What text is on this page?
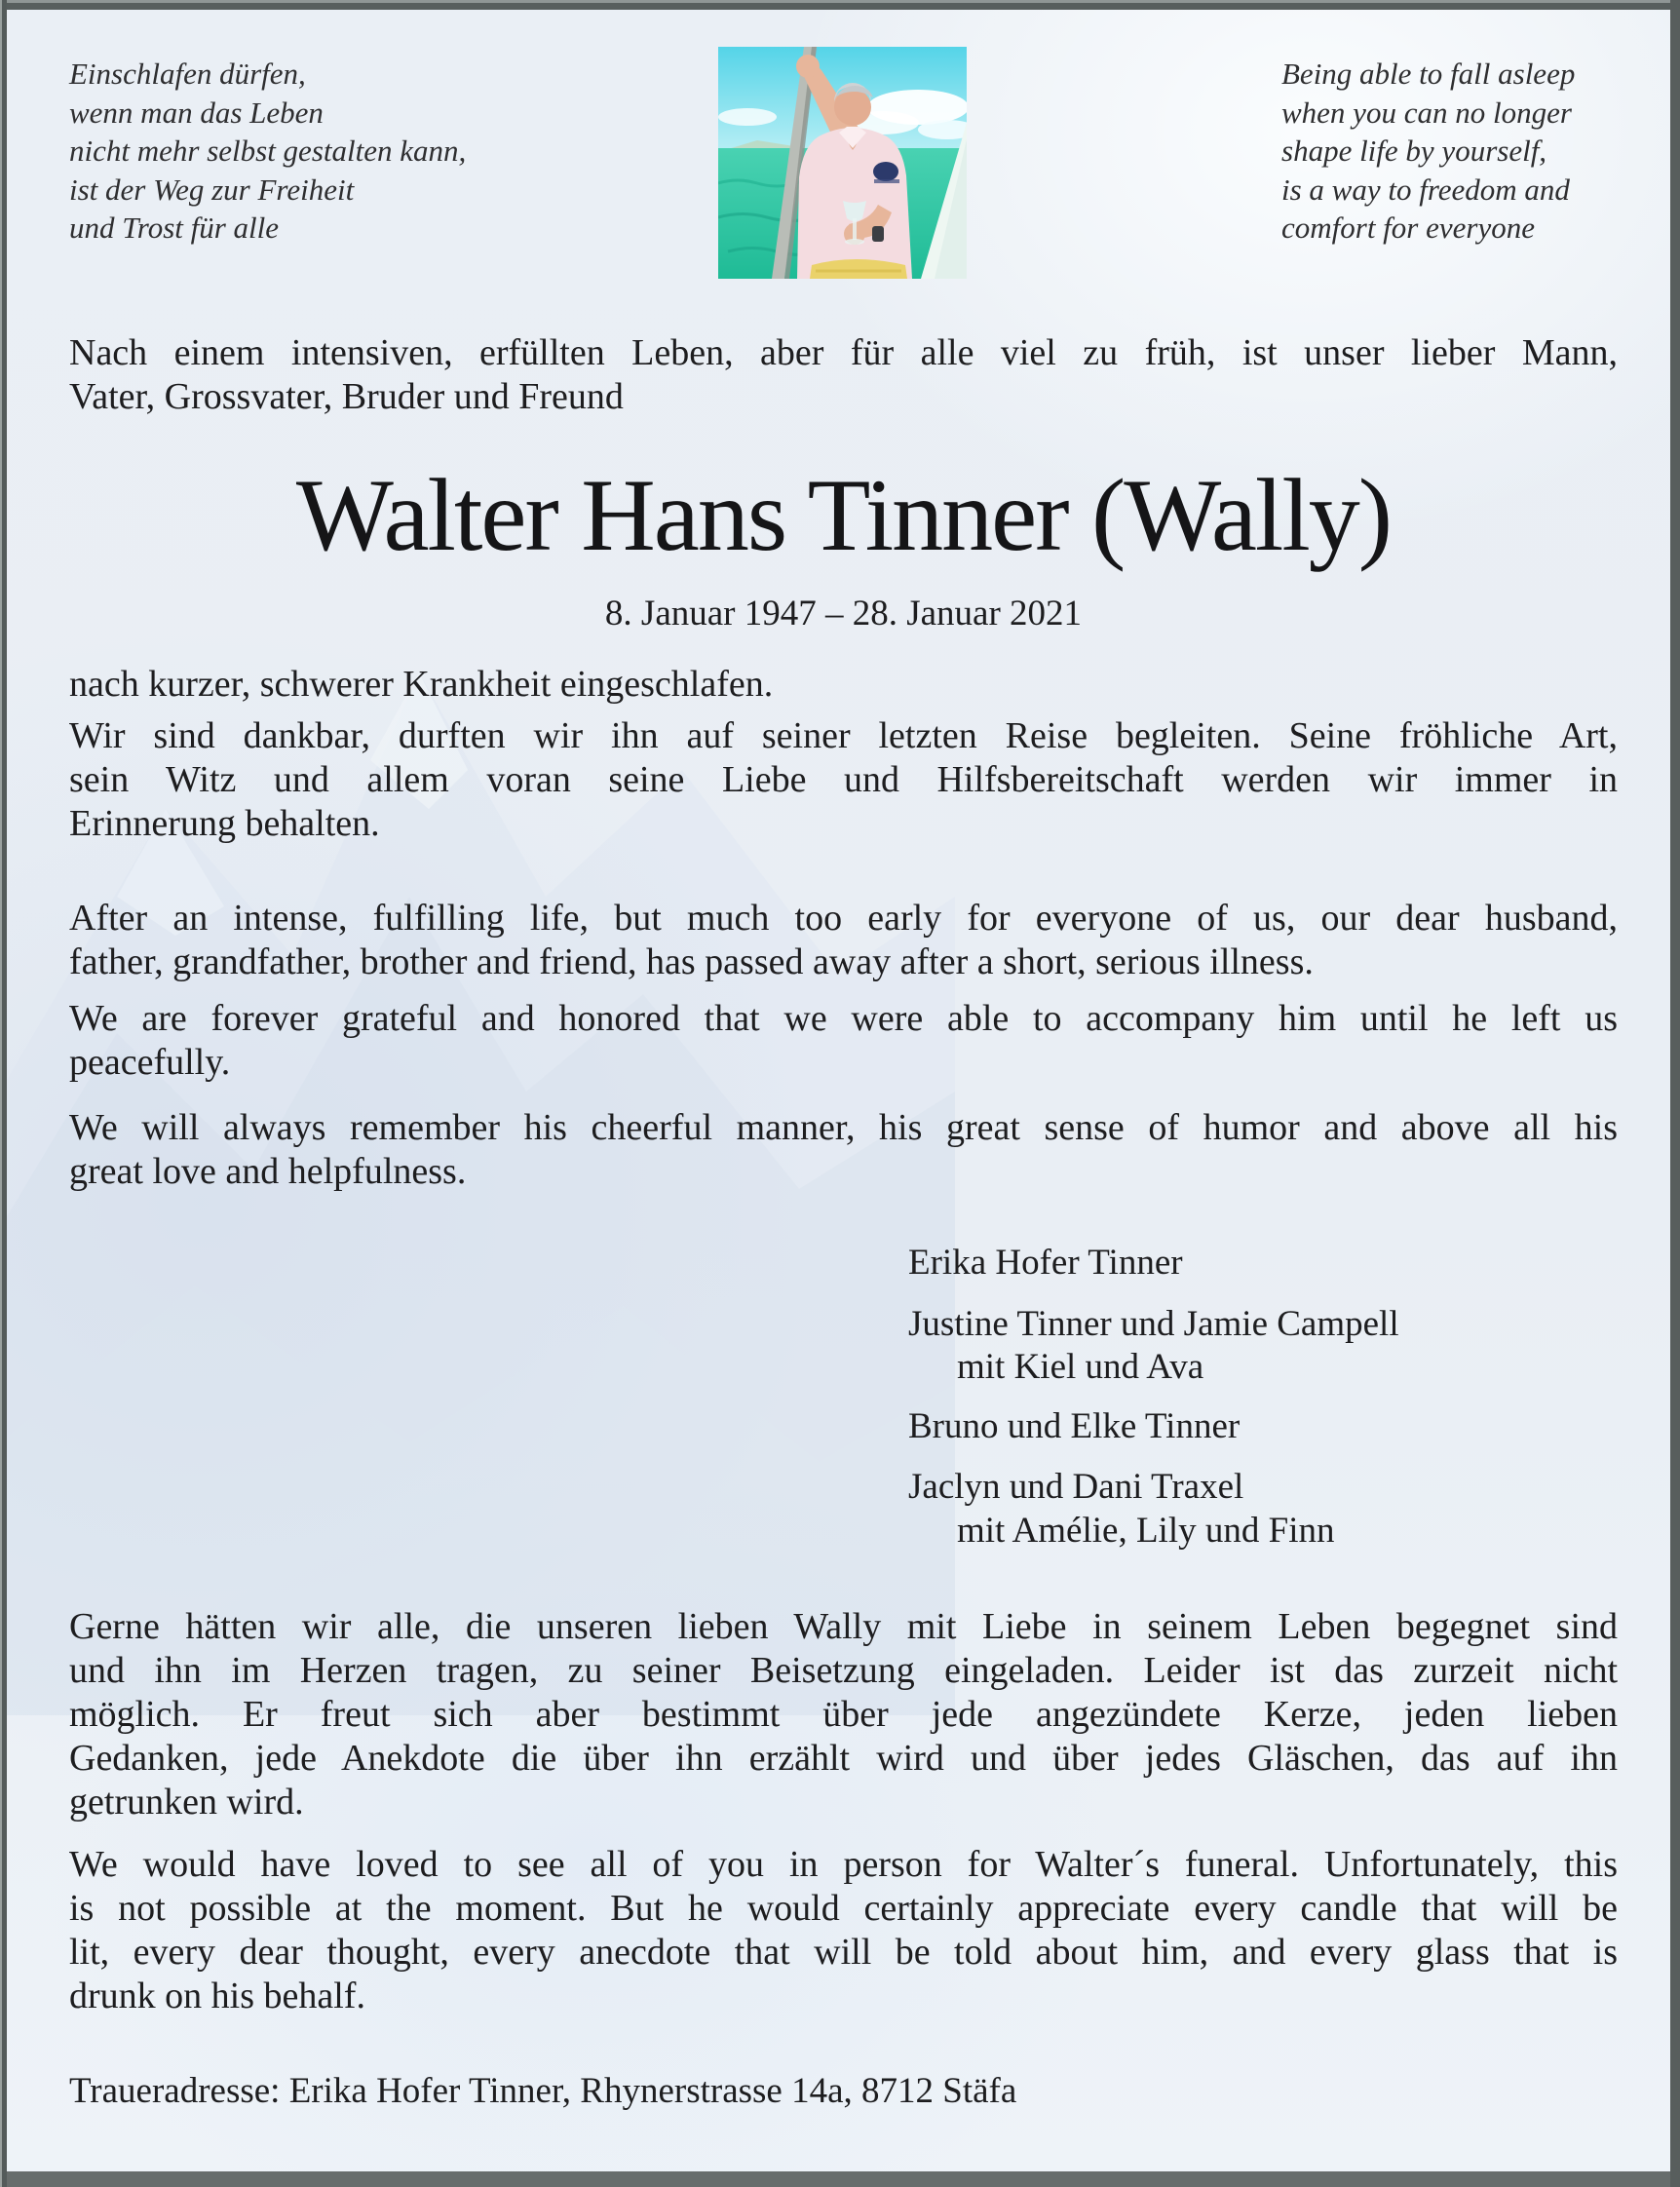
Einschlafen dürfen,
wenn man das Leben
nicht mehr selbst gestalten kann,
ist der Weg zur Freiheit
und Trost für alle
Being able to fall asleep
when you can no longer
shape life by yourself,
is a way to freedom and
comfort for everyone
Nach einem intensiven, erfüllten Leben, aber für alle viel zu früh, ist unser lieber Mann,
Vater, Grossvater, Bruder und Freund
Walter Hans Tinner (Wally)
8. Januar 1947 – 28. Januar 2021
nach kurzer, schwerer Krankheit eingeschlafen.
Wir sind dankbar, durften wir ihn auf seiner letzten Reise begleiten. Seine fröhliche Art,
sein Witz und allem voran seine Liebe und Hilfsbereitschaft werden wir immer in
Erinnerung behalten.
After an intense, fulfilling life, but much too early for everyone of us, our dear husband,
father, grandfather, brother and friend, has passed away after a short, serious illness.
We are forever grateful and honored that we were able to accompany him until he left us
peacefully.
We will always remember his cheerful manner, his great sense of humor and above all his
great love and helpfulness.
Erika Hofer Tinner
Justine Tinner und Jamie Campell
mit Kiel und Ava
Bruno und Elke Tinner
Jaclyn und Dani Traxel
mit Amélie, Lily und Finn
Gerne hätten wir alle, die unseren lieben Wally mit Liebe in seinem Leben begegnet sind
und ihn im Herzen tragen, zu seiner Beisetzung eingeladen. Leider ist das zurzeit nicht
möglich. Er freut sich aber bestimmt über jede angezündete Kerze, jeden lieben
Gedanken, jede Anekdote die über ihn erzählt wird und über jedes Gläschen, das auf ihn
getrunken wird.
We would have loved to see all of you in person for Walter´s funeral. Unfortunately, this
is not possible at the moment. But he would certainly appreciate every candle that will be
lit, every dear thought, every anecdote that will be told about him, and every glass that is
drunk on his behalf.
Traueradresse: Erika Hofer Tinner, Rhynerstrasse 14a, 8712 Stäfa
